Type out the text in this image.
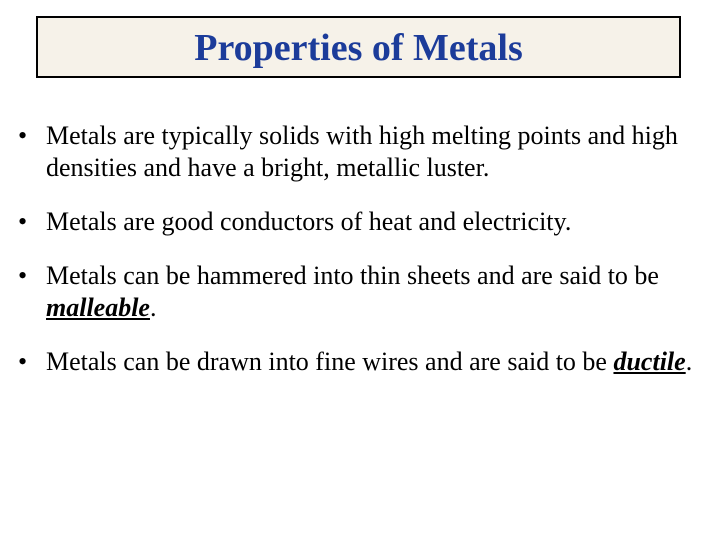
Properties of Metals
• Metals are typically solids with high melting points and high densities and have a bright, metallic luster.
• Metals are good conductors of heat and electricity.
• Metals can be hammered into thin sheets and are said to be malleable.
• Metals can be drawn into fine wires and are said to be ductile.
